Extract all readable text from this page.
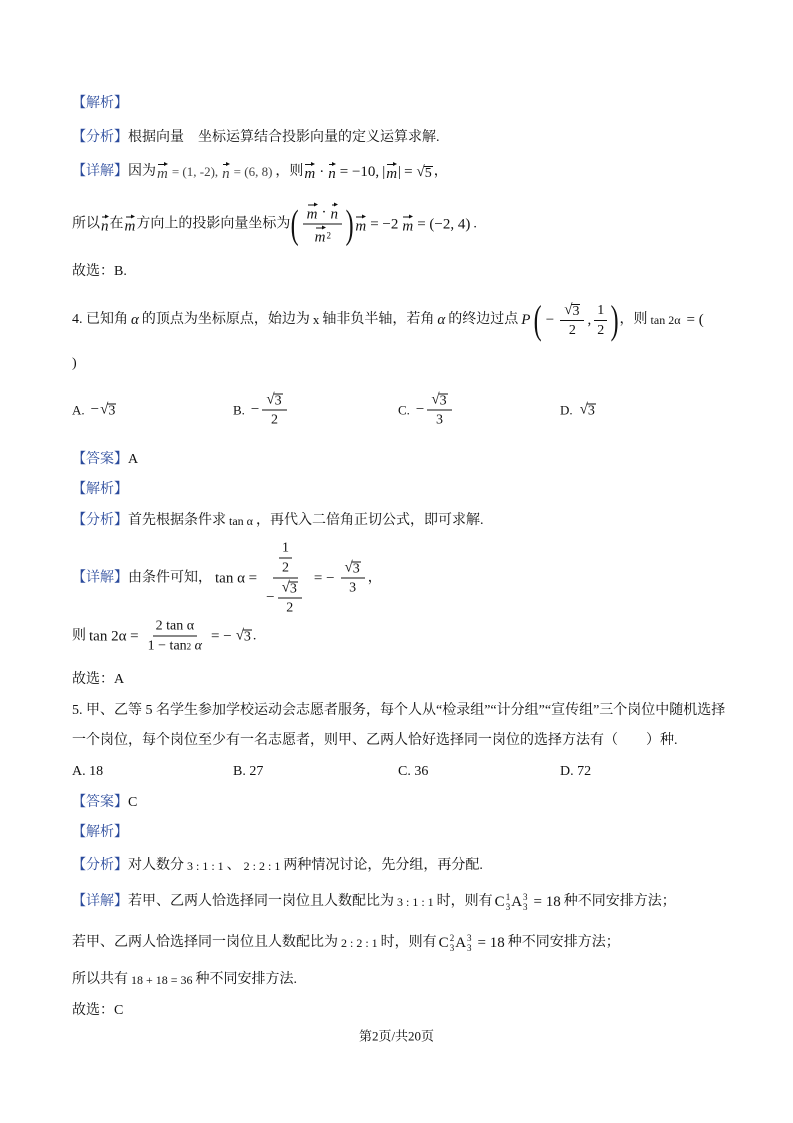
【解析】
【分析】 根据向量　坐标运算结合投影向量的定义运算求解.
【详解】 因为 m = (1, -2), n = (6, 8) ，则 m · n = −10, | m | = √ 5 ，
所以 n 在 m 方向上的投影向量坐标为 ( $\frac{m \cdot n}{m 2}$ ) m = −2 m = (−2, 4) .
故选：B.
4. 已知角 α 的顶点为坐标原点，始边为 x 轴非负半轴，若角 α 的终边过点 P ( − $\frac{√ 3}{2}$ , $\frac{1}{2}$ ) ，则 tan 2α = (
)
A. − √ 3	B. − $\frac{√ 3}{2}$	C. − $\frac{√ 3}{3}$	D. √ 3
【答案】 A
【解析】
【分析】 首先根据条件求 tan α ，再代入二倍角正切公式，即可求解.
【详解】 由条件可知， tan α =
$\frac{1}{2}$
− $\frac{√ 3}{2}$
= − $\frac{√ 3}{3}$ ，
则 tan 2α = 2 tan α
1 − tan 2
α = − √ 3 .
故选：A
5. 甲、乙等 5 名学生参加学校运动会志愿者服务，每个人从“检录组”“计分组”“宣传组”三个岗位中随机选择
一个岗位，每个岗位至少有一名志愿者，则甲、乙两人恰好选择同一岗位的选择方法有（　　）种.
A. 18	B. 27	C. 36	D. 72
【答案】 C
【解析】
【分析】 对人数分 3 : 1 : 1 、 2 : 2 : 1 两种情况讨论，先分组，再分配.
【详解】 若甲、乙两人恰选择同一岗位且人数配比为 3 : 1 : 1 时，则有 C 1
3 A 3
3 = 18 种不同安排方法；
若甲、乙两人恰选择同一岗位且人数配比为 2 : 2 : 1 时，则有 C 2
3 A 3
3 = 18 种不同安排方法；
所以共有 18 + 18 = 36 种不同安排方法.
故选：C
第2页/共20页
